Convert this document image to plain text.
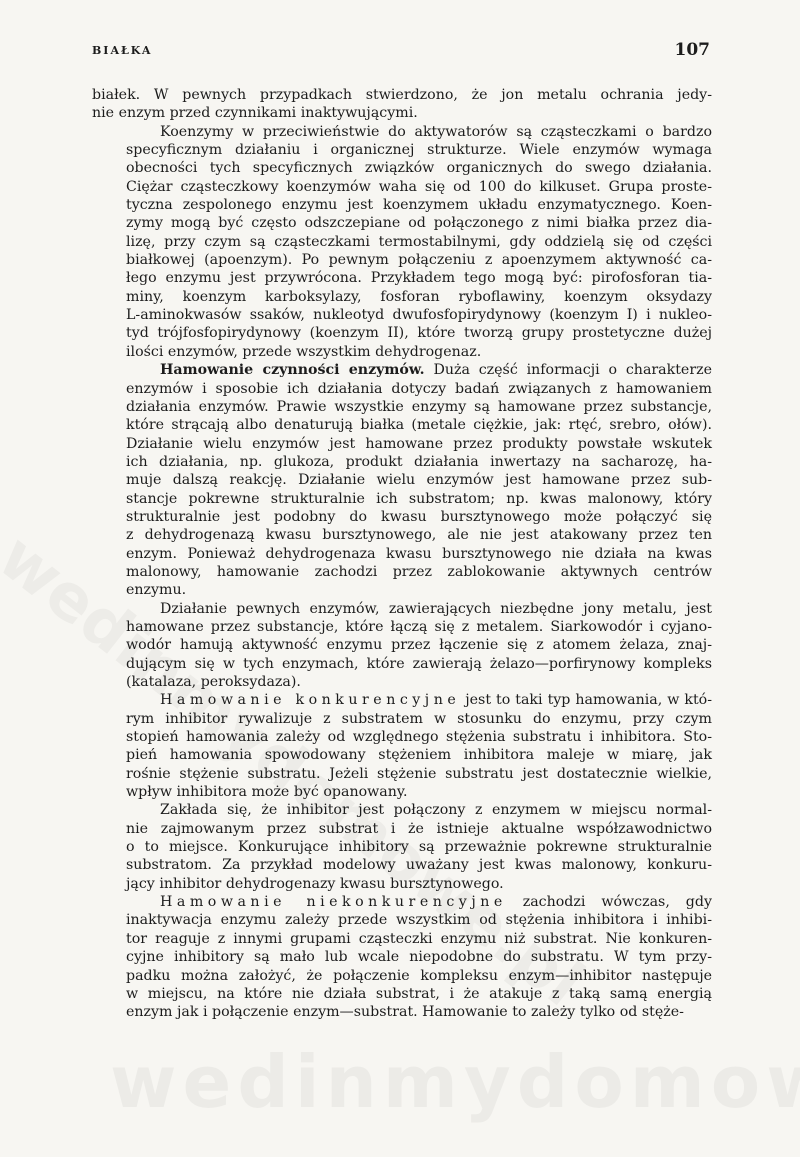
BIAŁKA	107
białek. W pewnych przypadkach stwierdzono, że jon metalu ochrania jedy-
nie enzym przed czynnikami inaktywującymi.
Koenzymy w przeciwieństwie do aktywatorów są cząsteczkami o bardzo
specyficznym działaniu i organicznej strukturze. Wiele enzymów wymaga
obecności tych specyficznych związków organicznych do swego działania.
Ciężar cząsteczkowy koenzymów waha się od 100 do kilkuset. Grupa proste-
tyczna zespolonego enzymu jest koenzymem układu enzymatycznego. Koen-
zymy mogą być często odszczepiane od połączonego z nimi białka przez dia-
lizę, przy czym są cząsteczkami termostabilnymi, gdy oddzielą się od części
białkowej (apoenzym). Po pewnym połączeniu z apoenzymem aktywność ca-
łego enzymu jest przywrócona. Przykładem tego mogą być: pirofosforan tia-
miny, koenzym karboksylazy, fosforan ryboflawiny, koenzym oksydazy
L-aminokwasów ssaków, nukleotyd dwufosfopirydynowy (koenzym I) i nukleo-
tyd trójfosfopirydynowy (koenzym II), które tworzą grupy prostetyczne dużej
ilości enzymów, przede wszystkim dehydrogenaz.
Hamowanie czynności enzymów. Duża część informacji o charakterze
enzymów i sposobie ich działania dotyczy badań związanych z hamowaniem
działania enzymów. Prawie wszystkie enzymy są hamowane przez substancje,
które strącają albo denaturują białka (metale ciężkie, jak: rtęć, srebro, ołów).
Działanie wielu enzymów jest hamowane przez produkty powstałe wskutek
ich działania, np. glukoza, produkt działania inwertazy na sacharozę, ha-
muje dalszą reakcję. Działanie wielu enzymów jest hamowane przez sub-
stancje pokrewne strukturalnie ich substratom; np. kwas malonowy, który
strukturalnie jest podobny do kwasu bursztynowego może połączyć się
z dehydrogenazą kwasu bursztynowego, ale nie jest atakowany przez ten
enzym. Ponieważ dehydrogenaza kwasu bursztynowego nie działa na kwas
malonowy, hamowanie zachodzi przez zablokowanie aktywnych centrów
enzymu.
Działanie pewnych enzymów, zawierających niezbędne jony metalu, jest
hamowane przez substancje, które łączą się z metalem. Siarkowodór i cyjano-
wodór hamują aktywność enzymu przez łączenie się z atomem żelaza, znaj-
dującym się w tych enzymach, które zawierają żelazo—porfirynowy kompleks
(katalaza, peroksydaza).
Hamowanie konkurencyjne jest to taki typ hamowania, w któ-
rym inhibitor rywalizuje z substratem w stosunku do enzymu, przy czym
stopień hamowania zależy od względnego stężenia substratu i inhibitora. Sto-
pień hamowania spowodowany stężeniem inhibitora maleje w miarę, jak
rośnie stężenie substratu. Jeżeli stężenie substratu jest dostatecznie wielkie,
wpływ inhibitora może być opanowany.
Zakłada się, że inhibitor jest połączony z enzymem w miejscu normal-
nie zajmowanym przez substrat i że istnieje aktualne współzawodnictwo
o to miejsce. Konkurujące inhibitory są przeważnie pokrewne strukturalnie
substratom. Za przykład modelowy uważany jest kwas malonowy, konkuru-
jący inhibitor dehydrogenazy kwasu bursztynowego.
Hamowanie niekonkurencyjne zachodzi wówczas, gdy
inaktywacja enzymu zależy przede wszystkim od stężenia inhibitora i inhibi-
tor reaguje z innymi grupami cząsteczki enzymu niż substrat. Nie konkuren-
cyjne inhibitory są mało lub wcale niepodobne do substratu. W tym przy-
padku można założyć, że połączenie kompleksu enzym—inhibitor następuje
w miejscu, na które nie działa substrat, i że atakuje z taką samą energią
enzym jak i połączenie enzym—substrat. Hamowanie to zależy tylko od stęże-
